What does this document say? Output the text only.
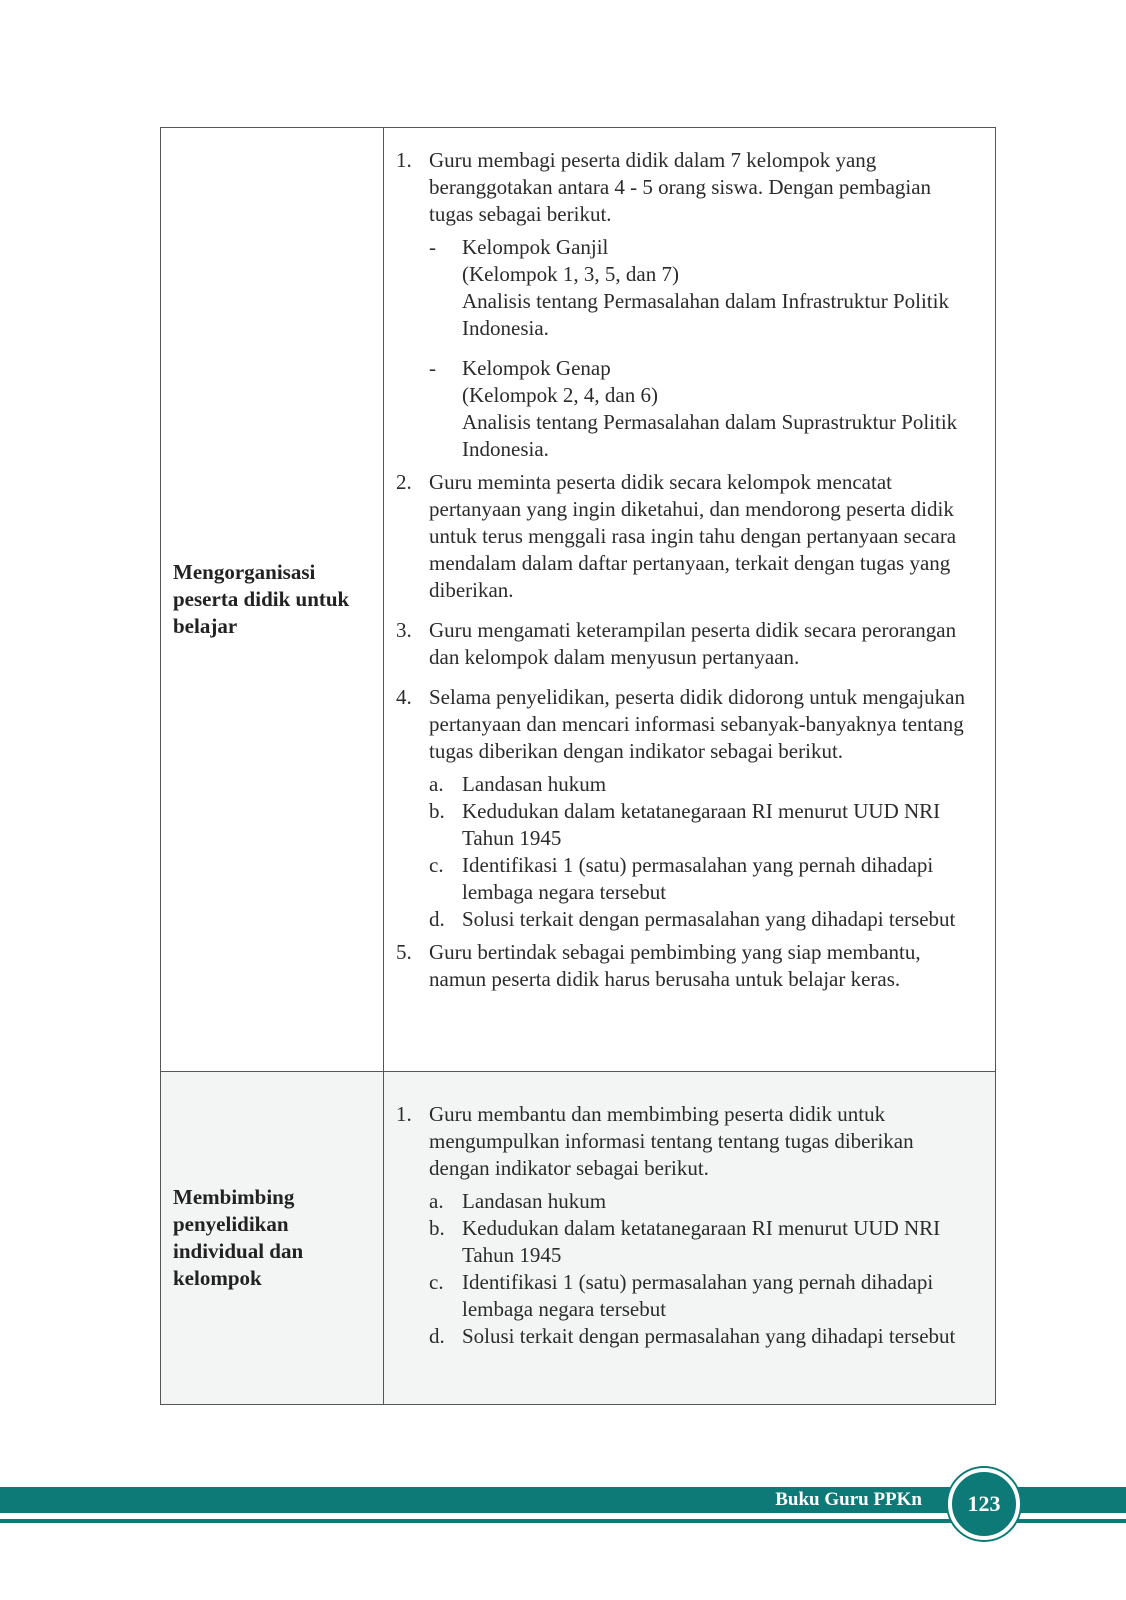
Mengorganisasi peserta didik untuk belajar
1. Guru membagi peserta didik dalam 7 kelompok yang beranggotakan antara 4 - 5 orang siswa. Dengan pembagian tugas sebagai berikut.
-	Kelompok Ganjil
(Kelompok 1, 3, 5, dan 7)
Analisis tentang Permasalahan dalam Infrastruktur Politik Indonesia.
-	Kelompok Genap
(Kelompok 2, 4, dan 6)
Analisis tentang Permasalahan dalam Suprastruktur Politik Indonesia.
2. Guru meminta peserta didik secara kelompok mencatat pertanyaan yang ingin diketahui, dan mendorong peserta didik untuk terus menggali rasa ingin tahu dengan pertanyaan secara mendalam dalam daftar pertanyaan, terkait dengan tugas yang diberikan.
3. Guru mengamati keterampilan peserta didik secara perorangan dan kelompok dalam menyusun pertanyaan.
4. Selama penyelidikan, peserta didik didorong untuk mengajukan pertanyaan dan mencari informasi sebanyak-banyaknya tentang tugas diberikan dengan indikator sebagai berikut.
a. Landasan hukum
b. Kedudukan dalam ketatanegaraan RI menurut UUD NRI Tahun 1945
c. Identifikasi 1 (satu) permasalahan yang pernah dihadapi lembaga negara tersebut
d. Solusi terkait dengan permasalahan yang dihadapi tersebut
5. Guru bertindak sebagai pembimbing yang siap membantu, namun peserta didik harus berusaha untuk belajar keras.
Membimbing penyelidikan individual dan kelompok
1. Guru membantu dan membimbing peserta didik untuk mengumpulkan informasi tentang tentang tugas diberikan dengan indikator sebagai berikut.
a. Landasan hukum
b. Kedudukan dalam ketatanegaraan RI menurut UUD NRI Tahun 1945
c. Identifikasi 1 (satu) permasalahan yang pernah dihadapi lembaga negara tersebut
d. Solusi terkait dengan permasalahan yang dihadapi tersebut
Buku Guru PPKn 123
